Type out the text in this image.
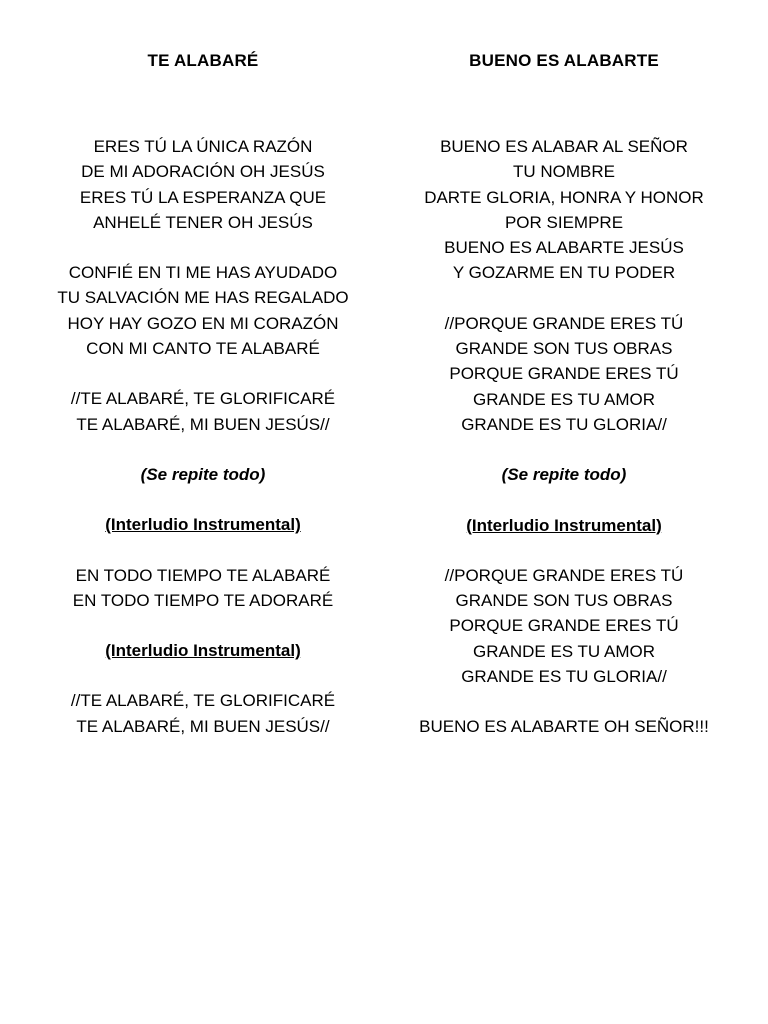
TE ALABARÉ
ERES TÚ LA ÚNICA RAZÓN
DE MI ADORACIÓN OH JESÚS
ERES TÚ LA ESPERANZA QUE
ANHELÉ TENER OH JESÚS
CONFIÉ EN TI ME HAS AYUDADO
TU SALVACIÓN ME HAS REGALADO
HOY HAY GOZO EN MI CORAZÓN
CON MI CANTO TE ALABARÉ
//TE ALABARÉ, TE GLORIFICARÉ
TE ALABARÉ, MI BUEN JESÚS//
(Se repite todo)
(Interludio Instrumental)
EN TODO TIEMPO TE ALABARÉ
EN TODO TIEMPO TE ADORARÉ
(Interludio Instrumental)
//TE ALABARÉ, TE GLORIFICARÉ
TE ALABARÉ, MI BUEN JESÚS//
BUENO ES ALABARTE
BUENO ES ALABAR AL SEÑOR
TU NOMBRE
DARTE GLORIA, HONRA Y HONOR
POR SIEMPRE
BUENO ES ALABARTE JESÚS
Y GOZARME EN TU PODER
//PORQUE GRANDE ERES TÚ
GRANDE SON TUS OBRAS
PORQUE GRANDE ERES TÚ
GRANDE ES TU AMOR
GRANDE ES TU GLORIA//
(Se repite todo)
(Interludio Instrumental)
//PORQUE GRANDE ERES TÚ
GRANDE SON TUS OBRAS
PORQUE GRANDE ERES TÚ
GRANDE ES TU AMOR
GRANDE ES TU GLORIA//
BUENO ES ALABARTE OH SEÑOR!!!
